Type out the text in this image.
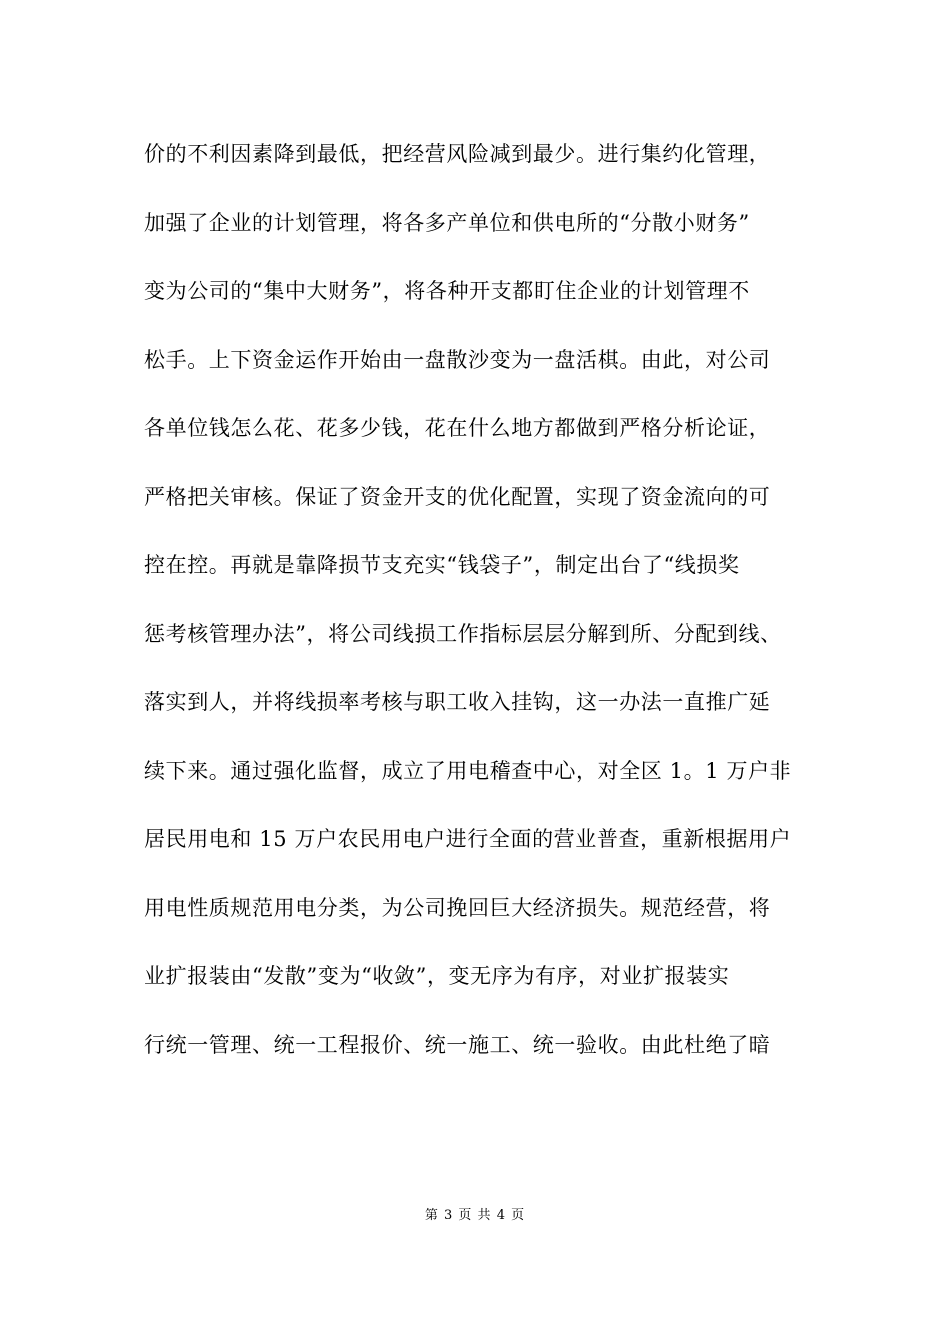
价的不利因素降到最低，把经营风险减到最少。进行集约化管理，
加强了企业的计划管理，将各多产单位和供电所的“分散小财务”
变为公司的“集中大财务”，将各种开支都盯住企业的计划管理不
松手。上下资金运作开始由一盘散沙变为一盘活棋。由此，对公司
各单位钱怎么花、花多少钱，花在什么地方都做到严格分析论证，
严格把关审核。保证了资金开支的优化配置，实现了资金流向的可
控在控。再就是靠降损节支充实“钱袋子”，制定出台了“线损奖
惩考核管理办法”，将公司线损工作指标层层分解到所、分配到线、
落实到人，并将线损率考核与职工收入挂钩，这一办法一直推广延
续下来。通过强化监督，成立了用电稽查中心，对全区 1。1 万户非
居民用电和 15 万户农民用电户进行全面的营业普查，重新根据用户
用电性质规范用电分类，为公司挽回巨大经济损失。规范经营，将
业扩报装由“发散”变为“收敛”，变无序为有序，对业扩报装实
行统一管理、统一工程报价、统一施工、统一验收。由此杜绝了暗
第 3 页 共 4 页
